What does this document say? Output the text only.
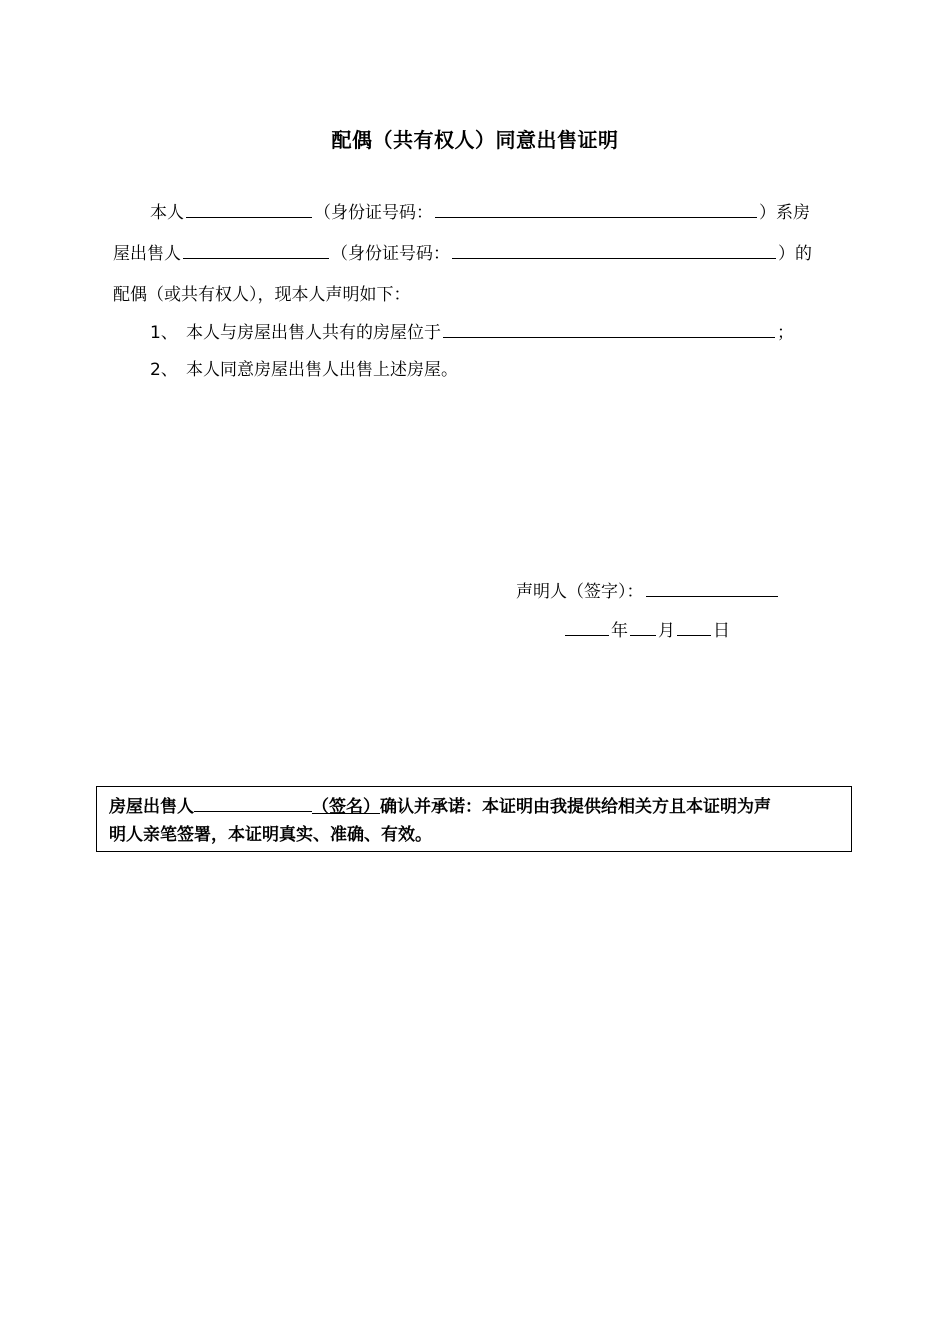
配偶（共有权人）同意出售证明
本人	（身份证号码：	）系房
屋出售人	（身份证号码：	）的
配偶（或共有权人），现本人声明如下：
1、 本人与房屋出售人共有的房屋位于	；
2、 本人同意房屋出售人出售上述房屋。
声明人（签字）：
年 月 日
房屋出售人	（签名）确认并承诺：本证明由我提供给相关方且本证明为声
明人亲笔签署，本证明真实、准确、有效。
